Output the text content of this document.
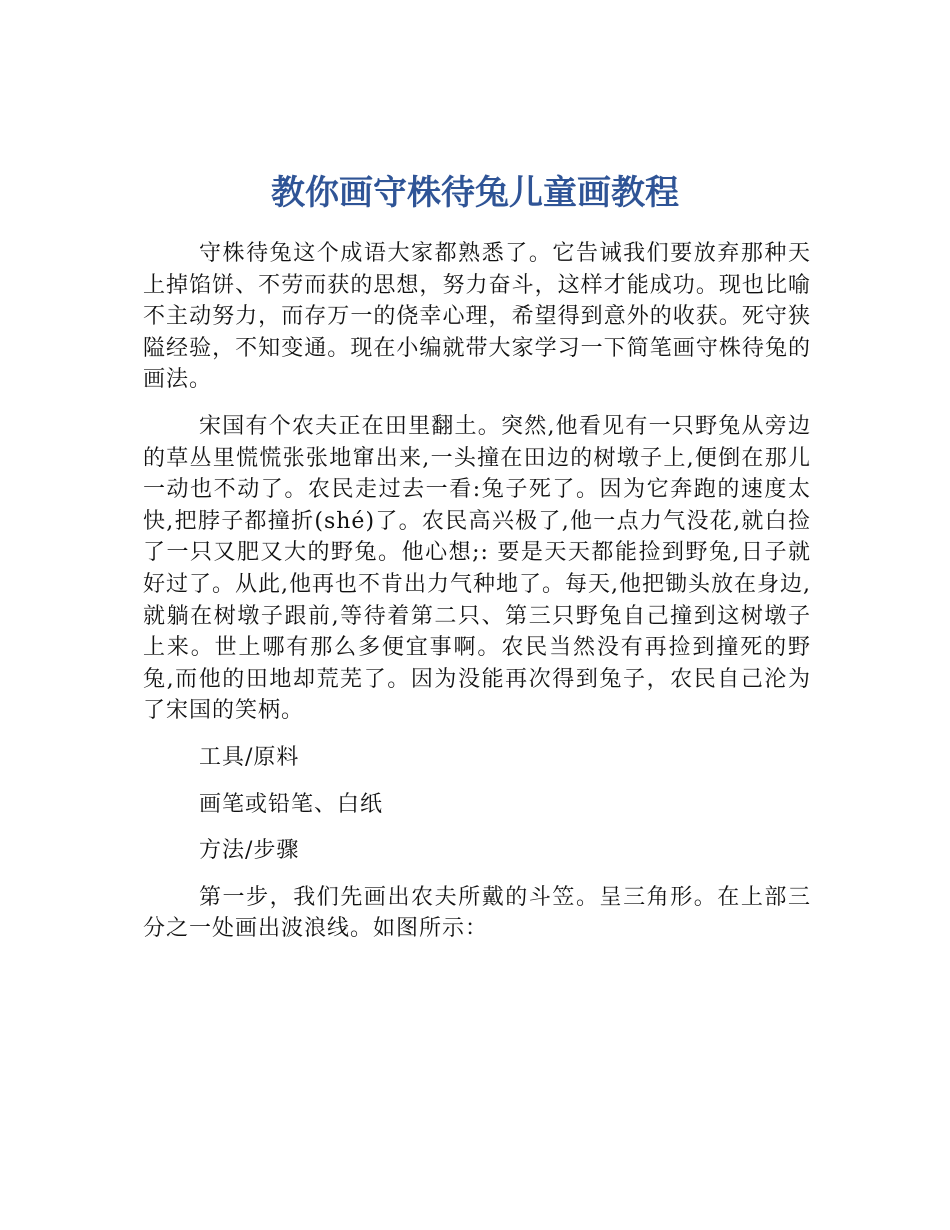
教你画守株待兔儿童画教程

守株待兔这个成语大家都熟悉了。它告诫我们要放弃那种天上掉馅饼、不劳而获的思想，努力奋斗，这样才能成功。现也比喻不主动努力，而存万一的侥幸心理，希望得到意外的收获。死守狭隘经验，不知变通。现在小编就带大家学习一下简笔画守株待兔的画法。

宋国有个农夫正在田里翻土。突然,他看见有一只野兔从旁边的草丛里慌慌张张地窜出来,一头撞在田边的树墩子上,便倒在那儿一动也不动了。农民走过去一看:兔子死了。因为它奔跑的速度太快,把脖子都撞折(shé)了。农民高兴极了,他一点力气没花,就白捡了一只又肥又大的野兔。他心想;: 要是天天都能捡到野兔,日子就好过了。从此,他再也不肯出力气种地了。每天,他把锄头放在身边,就躺在树墩子跟前,等待着第二只、第三只野兔自己撞到这树墩子上来。世上哪有那么多便宜事啊。农民当然没有再捡到撞死的野兔,而他的田地却荒芜了。因为没能再次得到兔子，农民自己沦为了宋国的笑柄。

工具/原料

画笔或铅笔、白纸

方法/步骤

第一步，我们先画出农夫所戴的斗笠。呈三角形。在上部三分之一处画出波浪线。如图所示：
